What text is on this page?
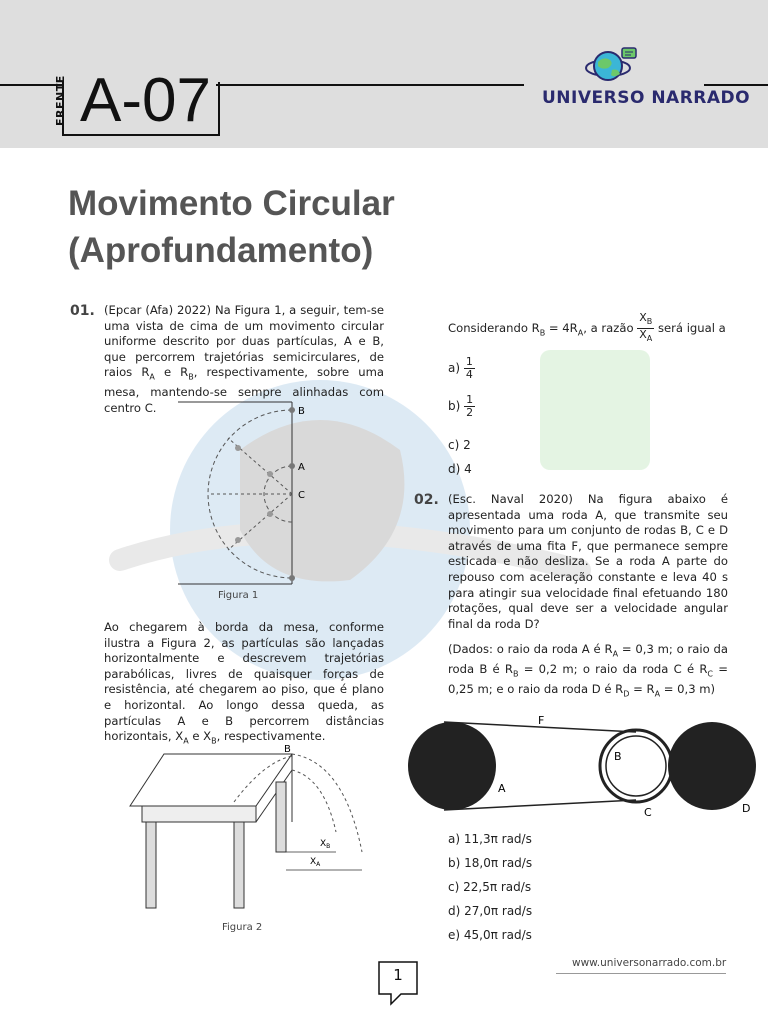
FRENTE A-07	UNIVERSO NARRADO
Movimento Circular
(Aprofundamento)
01. (Epcar (Afa) 2022) Na Figura 1, a seguir, tem-se uma vista de cima de um movimento circular uniforme descrito por duas partículas, A e B, que percorrem trajetórias semicirculares, de raios $R_A$ e $R_B$, respectivamente, sobre uma mesa, mantendo-se sempre alinhadas com centro C.	B
A
C
Figura 1
Ao chegarem à borda da mesa, conforme ilustra a Figura 2, as partículas são lançadas horizontalmente e descrevem trajetórias parabólicas, livres de quaisquer forças de resistência, até chegarem ao piso, que é plano e horizontal. Ao longo dessa queda, as partículas A e B percorrem distâncias horizontais, $X_A$ e $X_B$, respectivamente.
B
$X_B$
$X_A$
Figura 2
Considerando $R_B = 4R_A$, a razão $\frac{X_B}{X_A}$ será igual a
$a) \frac{1}{4}$
$b) \frac{1}{2}$
c) 2
d) 4
02. (Esc. Naval 2020) Na figura abaixo é apresentada uma roda A, que transmite seu movimento para um conjunto de rodas B, C e D através de uma fita F, que permanece sempre esticada e não desliza. Se a roda A parte do repouso com aceleração constante e leva 40 s para atingir sua velocidade final efetuando 180 rotações, qual deve ser a velocidade angular final da roda D?
(Dados: o raio da roda A é $R_A = 0,3$ m; o raio da roda B é $R_B = 0,2$ m; o raio da roda C é $R_C = 0,25$ m; e o raio da roda D é $R_D = R_A = 0,3$ m)
F
B
A
C	D
a) 11,3π rad/s
b) 18,0π rad/s
c) 22,5π rad/s
d) 27,0π rad/s
e) 45,0π rad/s
www.universonarrado.com.br
1
